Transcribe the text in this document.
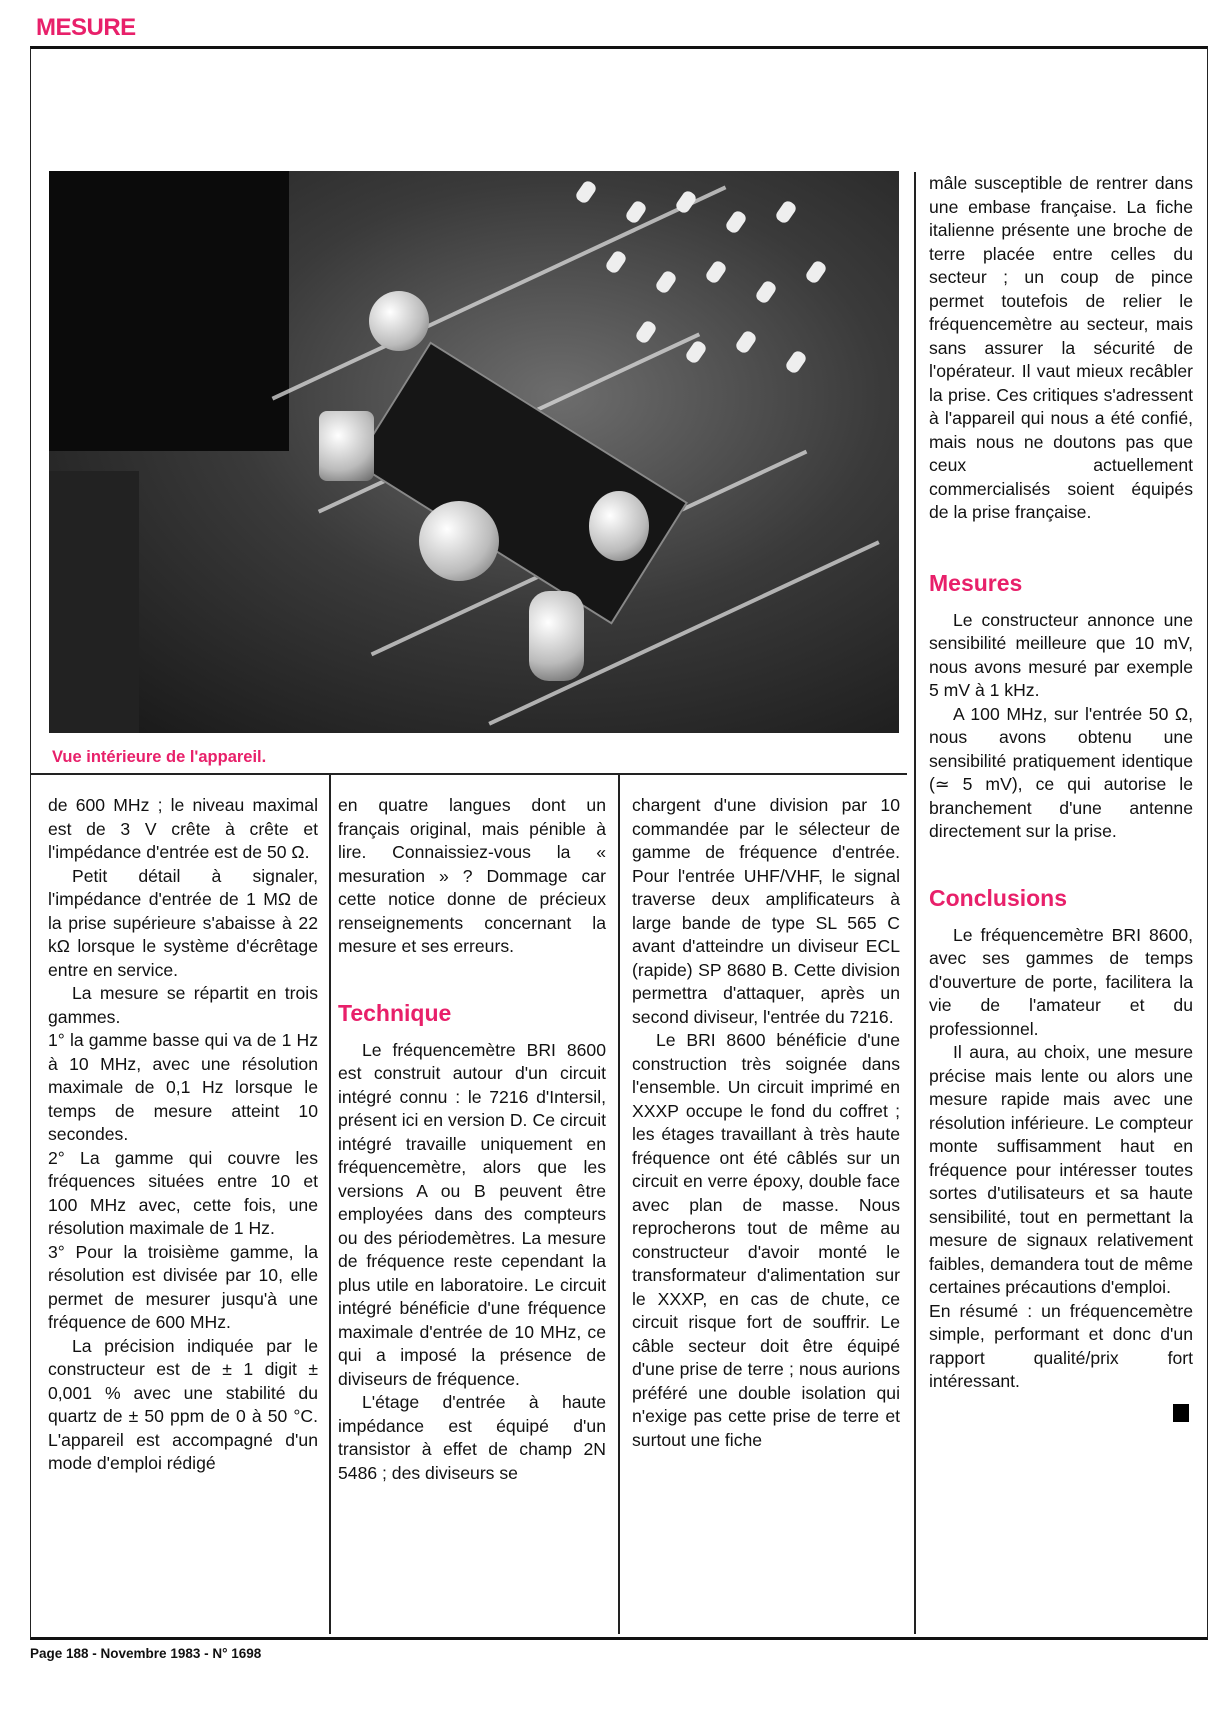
MESURE
Vue intérieure de l'appareil.

mâle susceptible de rentrer dans une embase française. La fiche italienne présente une broche de terre placée entre celles du secteur ; un coup de pince permet toutefois de relier le fréquencemètre au secteur, mais sans assurer la sécurité de l'opérateur. Il vaut mieux recâbler la prise. Ces critiques s'adressent à l'appareil qui nous a été confié, mais nous ne doutons pas que ceux actuellement commercialisés soient équipés de la prise française.

Mesures

Le constructeur annonce une sensibilité meilleure que 10 mV, nous avons mesuré par exemple 5 mV à 1 kHz.

A 100 MHz, sur l'entrée 50 Ω, nous avons obtenu une sensibilité pratiquement identique (≃ 5 mV), ce qui autorise le branchement d'une antenne directement sur la prise.

Conclusions

Le fréquencemètre BRI 8600, avec ses gammes de temps d'ouverture de porte, facilitera la vie de l'amateur et du professionnel.

Il aura, au choix, une mesure précise mais lente ou alors une mesure rapide mais avec une résolution inférieure. Le compteur monte suffisamment haut en fréquence pour intéresser toutes sortes d'utilisateurs et sa haute sensibilité, tout en permettant la mesure de signaux relativement faibles, demandera tout de même certaines précautions d'emploi.

En résumé : un fréquencemètre simple, performant et donc d'un rapport qualité/prix fort intéressant.

de 600 MHz ; le niveau maximal est de 3 V crête à crête et l'impédance d'entrée est de 50 Ω.

Petit détail à signaler, l'impédance d'entrée de 1 MΩ de la prise supérieure s'abaisse à 22 kΩ lorsque le système d'écrêtage entre en service.

La mesure se répartit en trois gammes.

1° la gamme basse qui va de 1 Hz à 10 MHz, avec une résolution maximale de 0,1 Hz lorsque le temps de mesure atteint 10 secondes.

2° La gamme qui couvre les fréquences situées entre 10 et 100 MHz avec, cette fois, une résolution maximale de 1 Hz.

3° Pour la troisième gamme, la résolution est divisée par 10, elle permet de mesurer jusqu'à une fréquence de 600 MHz.

La précision indiquée par le constructeur est de ± 1 digit ± 0,001 % avec une stabilité du quartz de ± 50 ppm de 0 à 50 °C. L'appareil est accompagné d'un mode d'emploi rédigé

en quatre langues dont un français original, mais pénible à lire. Connaissiez-vous la « mesuration » ? Dommage car cette notice donne de précieux renseignements concernant la mesure et ses erreurs.

Technique

Le fréquencemètre BRI 8600 est construit autour d'un circuit intégré connu : le 7216 d'Intersil, présent ici en version D. Ce circuit intégré travaille uniquement en fréquencemètre, alors que les versions A ou B peuvent être employées dans des compteurs ou des périodemètres. La mesure de fréquence reste cependant la plus utile en laboratoire. Le circuit intégré bénéficie d'une fréquence maximale d'entrée de 10 MHz, ce qui a imposé la présence de diviseurs de fréquence.

L'étage d'entrée à haute impédance est équipé d'un transistor à effet de champ 2N 5486 ; des diviseurs se

chargent d'une division par 10 commandée par le sélecteur de gamme de fréquence d'entrée. Pour l'entrée UHF/VHF, le signal traverse deux amplificateurs à large bande de type SL 565 C avant d'atteindre un diviseur ECL (rapide) SP 8680 B. Cette division permettra d'attaquer, après un second diviseur, l'entrée du 7216.

Le BRI 8600 bénéficie d'une construction très soignée dans l'ensemble. Un circuit imprimé en XXXP occupe le fond du coffret ; les étages travaillant à très haute fréquence ont été câblés sur un circuit en verre époxy, double face avec plan de masse. Nous reprocherons tout de même au constructeur d'avoir monté le transformateur d'alimentation sur le XXXP, en cas de chute, ce circuit risque fort de souffrir. Le câble secteur doit être équipé d'une prise de terre ; nous aurions préféré une double isolation qui n'exige pas cette prise de terre et surtout une fiche

Page 188 - Novembre 1983 - N° 1698
